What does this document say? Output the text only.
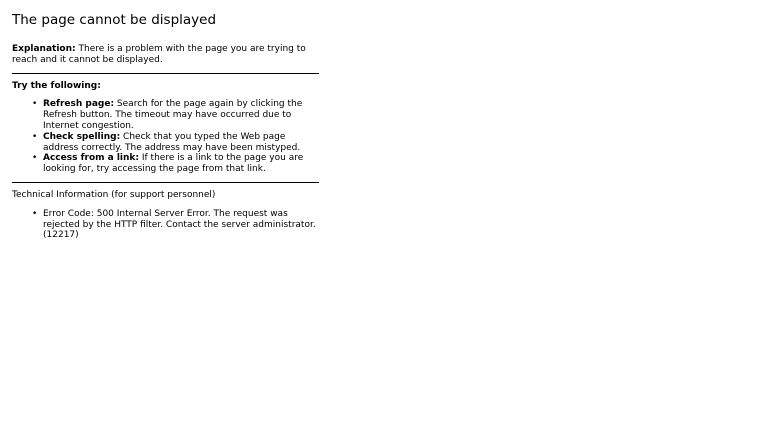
The page cannot be displayed

Explanation: There is a problem with the page you are trying to reach and it cannot be displayed.

Try the following:
• Refresh page: Search for the page again by clicking the Refresh button. The timeout may have occurred due to Internet congestion.
• Check spelling: Check that you typed the Web page address correctly. The address may have been mistyped.
• Access from a link: If there is a link to the page you are looking for, try accessing the page from that link.
Technical Information (for support personnel)
• Error Code: 500 Internal Server Error. The request was rejected by the HTTP filter. Contact the server administrator. (12217)
